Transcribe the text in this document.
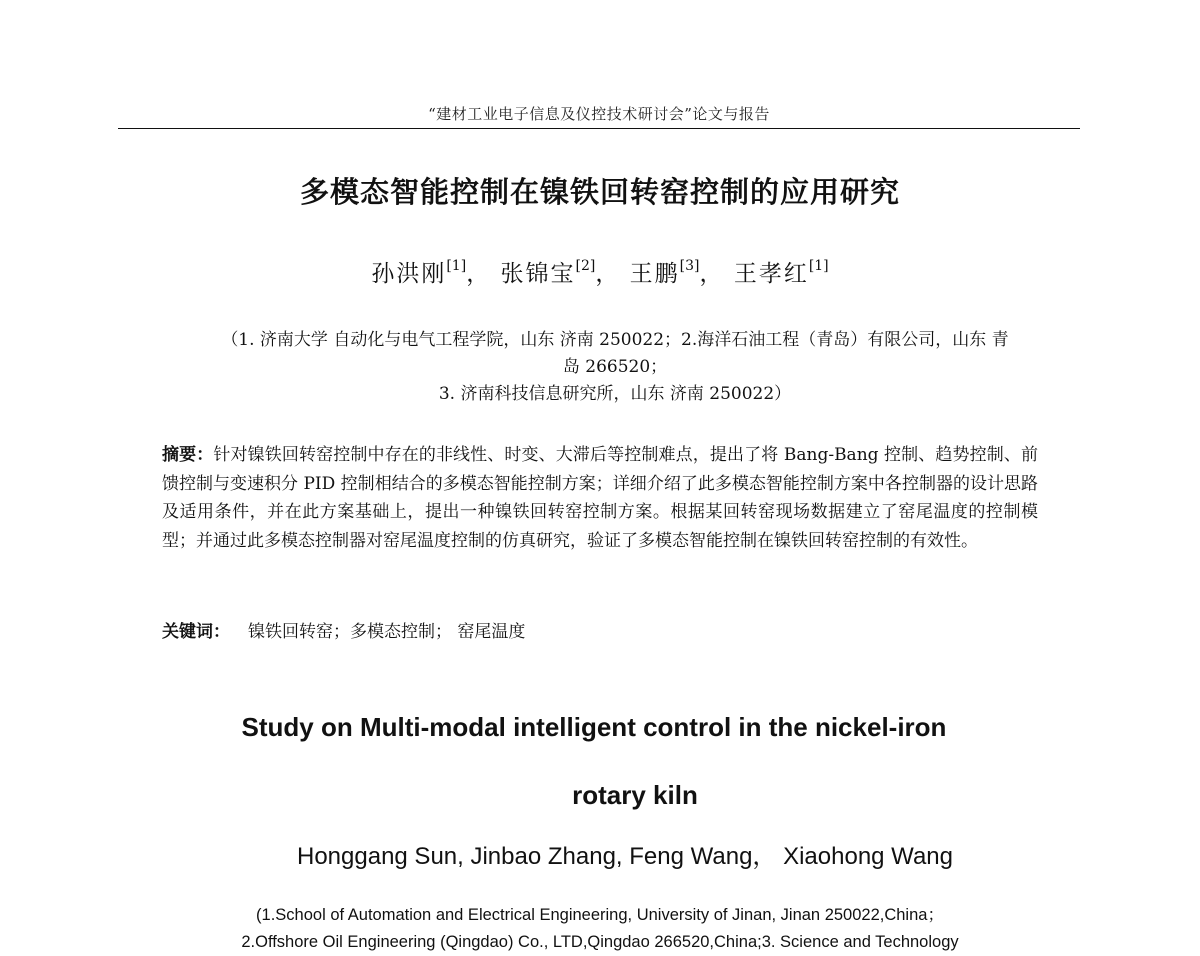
“建材工业电子信息及仪控技术研讨会”论文与报告
多模态智能控制在镍铁回转窑控制的应用研究
孙洪刚[1]， 张锦宝[2]， 王鹏[3]， 王孝红[1]
（1. 济南大学 自动化与电气工程学院，山东 济南 250022；2.海洋石油工程（青岛）有限公司，山东 青
岛 266520；
3. 济南科技信息研究所，山东 济南 250022）
摘要：针对镍铁回转窑控制中存在的非线性、时变、大滞后等控制难点，提出了将 Bang-Bang 控制、趋势控制、前馈控制与变速积分 PID 控制相结合的多模态智能控制方案；详细介绍了此多模态智能控制方案中各控制器的设计思路及适用条件，并在此方案基础上，提出一种镍铁回转窑控制方案。根据某回转窑现场数据建立了窑尾温度的控制模型；并通过此多模态控制器对窑尾温度控制的仿真研究，验证了多模态智能控制在镍铁回转窑控制的有效性。
关键词： 镍铁回转窑；多模态控制； 窑尾温度
Study on Multi-modal intelligent control in the nickel-iron
rotary kiln
Honggang Sun, Jinbao Zhang, Feng Wang， Xiaohong Wang
(1.School of Automation and Electrical Engineering, University of Jinan, Jinan 250022,China；
2.Offshore Oil Engineering (Qingdao) Co., LTD,Qingdao 266520,China;3. Science and Technology
